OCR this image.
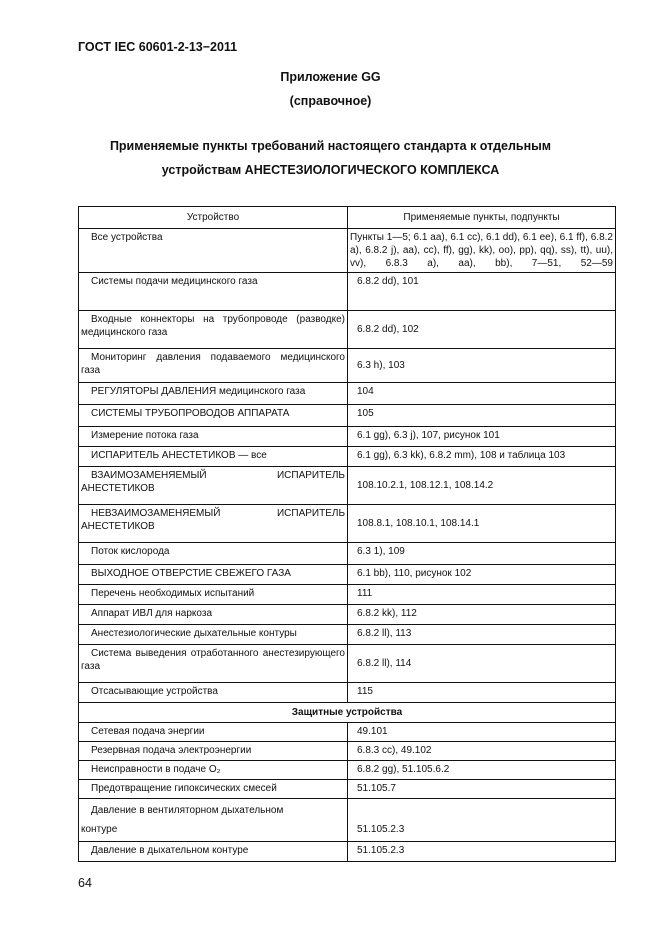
ГОСТ IEC 60601-2-13−2011
Приложение GG
(справочное)
Применяемые пункты требований настоящего стандарта к отдельным
устройствам АНЕСТЕЗИОЛОГИЧЕСКОГО КОМПЛЕКСА
Устройство	Применяемые пункты, подпункты
Все устройства	Пункты 1—5; 6.1 аа), 6.1 сс), 6.1 dd), 6.1 ee), 6.1 ff), 6.8.2 а), 6.8.2 j), аа), сс), ff), gg), kk), оо), рр), qq), ss), tt), uu), vv), 6.8.3 а), аа), bb), 7—51, 52—59
Системы подачи медицинского газа	6.8.2 dd), 101
Входные коннекторы на трубопроводе (разводке) медицинского газа	6.8.2 dd), 102
Мониторинг давления подаваемого медицинского газа	6.3 h), 103
РЕГУЛЯТОРЫ ДАВЛЕНИЯ медицинского газа	104
СИСТЕМЫ ТРУБОПРОВОДОВ АППАРАТА	105
Измерение потока газа	6.1 gg), 6.3 j), 107, рисунок 101
ИСПАРИТЕЛЬ АНЕСТЕТИКОВ — все	6.1 gg), 6.3 kk), 6.8.2 mm), 108 и таблица 103
ВЗАИМОЗАМЕНЯЕМЫЙ ИСПАРИТЕЛЬ АНЕСТЕТИКОВ	108.10.2.1, 108.12.1, 108.14.2
НЕВЗАИМОЗАМЕНЯЕМЫЙ ИСПАРИТЕЛЬ АНЕСТЕТИКОВ	108.8.1, 108.10.1, 108.14.1
Поток кислорода	6.3 1), 109
ВЫХОДНОЕ ОТВЕРСТИЕ СВЕЖЕГО ГАЗА	6.1 bb), 110, рисунок 102
Перечень необходимых испытаний	111
Аппарат ИВЛ для наркоза	6.8.2 kk), 112
Анестезиологические дыхательные контуры	6.8.2 ll), 113
Система выведения отработанного анестезирующего газа	6.8.2 ll), 114
Отсасывающие устройства	115
Защитные устройства	
Сетевая подача энергии	49.101
Резервная подача электроэнергии	6.8.3 сс), 49.102
Неисправности в подаче O₂	6.8.2 gg), 51.105.6.2
Предотвращение гипоксических смесей	51.105.7

Давление в вентиляторном дыхательном
контуре	51.105.2.3
Давление в дыхательном контуре	51.105.2.3
64
